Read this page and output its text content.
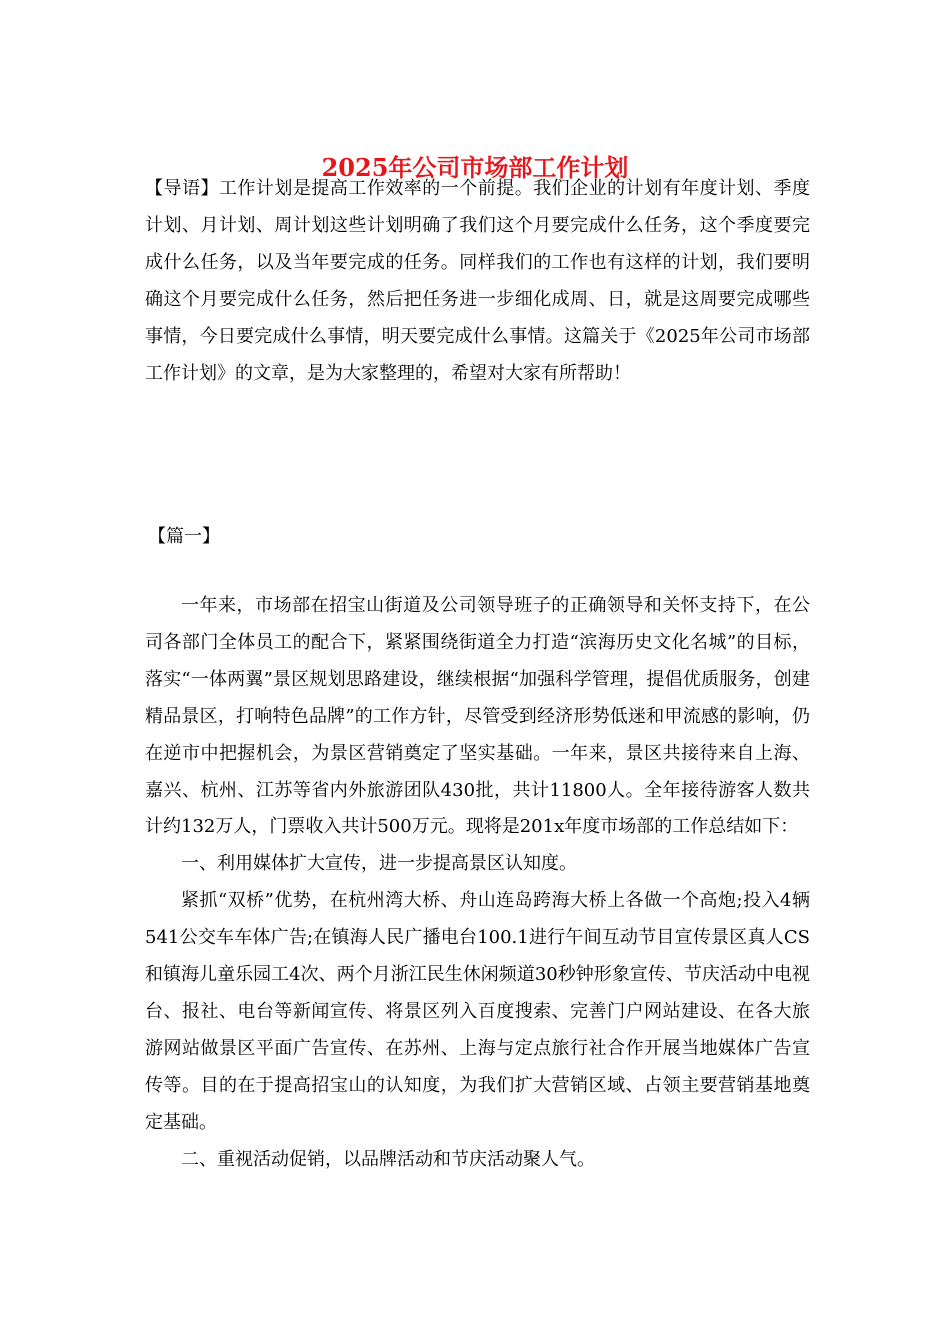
2025年公司市场部工作计划

【导语】工作计划是提高工作效率的一个前提。我们企业的计划有年度计划、季度计划、月计划、周计划这些计划明确了我们这个月要完成什么任务，这个季度要完成什么任务，以及当年要完成的任务。同样我们的工作也有这样的计划，我们要明确这个月要完成什么任务，然后把任务进一步细化成周、日，就是这周要完成哪些事情，今日要完成什么事情，明天要完成什么事情。这篇关于《2025年公司市场部工作计划》的文章，是为大家整理的，希望对大家有所帮助！

【篇一】

一年来，市场部在招宝山街道及公司领导班子的正确领导和关怀支持下，在公司各部门全体员工的配合下，紧紧围绕街道全力打造“滨海历史文化名城”的目标，落实“一体两翼”景区规划思路建设，继续根据“加强科学管理，提倡优质服务，创建精品景区，打响特色品牌”的工作方针，尽管受到经济形势低迷和甲流感的影响，仍在逆市中把握机会，为景区营销奠定了坚实基础。一年来，景区共接待来自上海、嘉兴、杭州、江苏等省内外旅游团队430批，共计11800人。全年接待游客人数共计约132万人，门票收入共计500万元。现将是201x年度市场部的工作总结如下：

一、利用媒体扩大宣传，进一步提高景区认知度。

紧抓“双桥”优势，在杭州湾大桥、舟山连岛跨海大桥上各做一个高炮;投入4辆541公交车车体广告;在镇海人民广播电台100.1进行午间互动节目宣传景区真人CS和镇海儿童乐园工4次、两个月浙江民生休闲频道30秒钟形象宣传、节庆活动中电视台、报社、电台等新闻宣传、将景区列入百度搜索、完善门户网站建设、在各大旅游网站做景区平面广告宣传、在苏州、上海与定点旅行社合作开展当地媒体广告宣传等。目的在于提高招宝山的认知度，为我们扩大营销区域、占领主要营销基地奠定基础。

二、重视活动促销，以品牌活动和节庆活动聚人气。
